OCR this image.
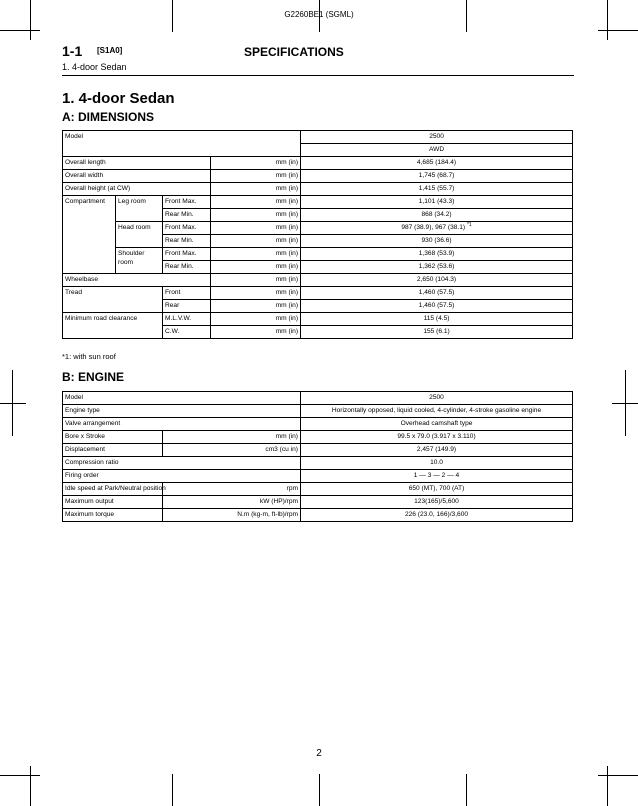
G2260BE1 (SGML)
1-1 [S1A0]	SPECIFICATIONS
1. 4-door Sedan
1. 4-door Sedan
A: DIMENSIONS
Model				2500
				AWD
Overall length			mm (in)	4,685 (184.4)
Overall width			mm (in)	1,745 (68.7)
Overall height (at CW)			mm (in)	1,415 (55.7)
Compartment	Leg room	Front Max.	mm (in)	1,101 (43.3)
		Rear Min.	mm (in)	868 (34.2)
	Head room	Front Max.	mm (in)	987 (38.9), 967 (38.1) $^{*1}$
		Rear Min.	mm (in)	930 (36.6)
	Shoulder room	Front Max.	mm (in)	1,368 (53.9)
		Rear Min.	mm (in)	1,362 (53.6)
Wheelbase			mm (in)	2,650 (104.3)
Tread		Front	mm (in)	1,460 (57.5)
		Rear	mm (in)	1,460 (57.5)
Minimum road clearance		M.L.V.W.	mm (in)	115 (4.5)
		C.W.	mm (in)	155 (6.1)
*1: with sun roof
B: ENGINE
Model		2500
Engine type		Horizontally opposed, liquid cooled, 4-cylinder, 4-stroke gasoline engine
Valve arrangement		Overhead camshaft type
Bore x Stroke	mm (in)	99.5 x 79.0 (3.917 x 3.110)
Displacement	cm3 (cu in)	2,457 (149.9)
Compression ratio		10.0
Firing order		1 — 3 — 2 — 4
Idle speed at Park/Neutral position	rpm	650 (MT), 700 (AT)
Maximum output	kW (HP)/rpm	123(165)/5,600
Maximum torque	N.m (kg-m, ft-lb)/rpm	226 (23.0, 166)/3,600
2
